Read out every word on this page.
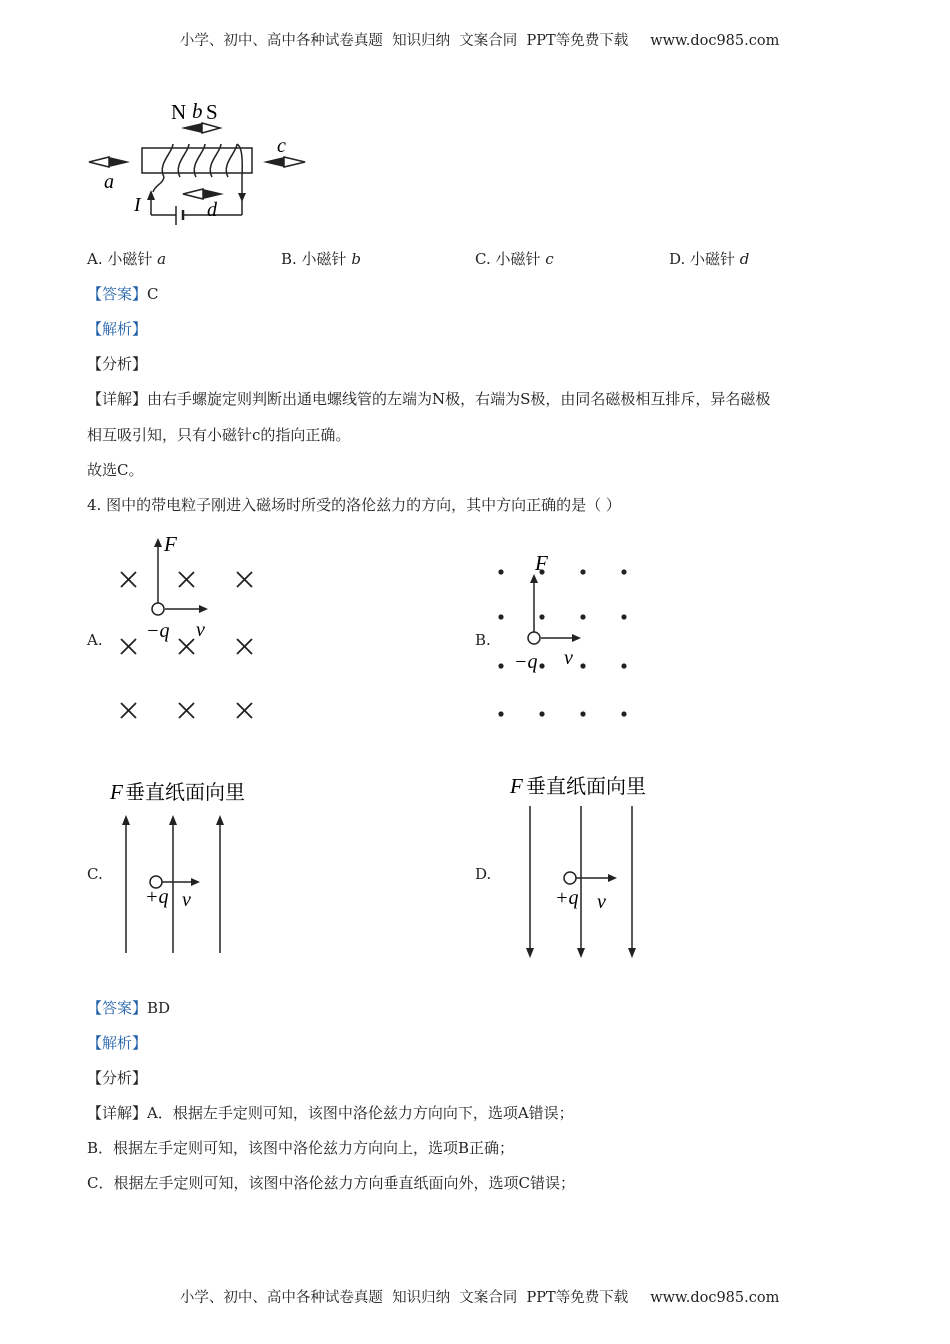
小学、初中、高中各种试卷真题  知识归纳  文案合同  PPT等免费下载 www.doc985.com

N b S
a
c
I	d
A. 小磁针 a	B. 小磁针 b	C. 小磁针 c	D. 小磁针 d
【答案】C
【解析】
【分析】
【详解】由右手螺旋定则判断出通电螺线管的左端为N极，右端为S极，由同名磁极相互排斥，异名磁极
相互吸引知，只有小磁针c的指向正确。
故选C。
4. 图中的带电粒子刚进入磁场时所受的洛伦兹力的方向，其中方向正确的是（ ）
A.
F
−q v	B.
F
−q v
C.
F 垂直纸面向里
+q v
D.
F 垂直纸面向里
+q v
【答案】BD
【解析】
【分析】
【详解】A．根据左手定则可知，该图中洛伦兹力方向向下，选项A错误；
B．根据左手定则可知，该图中洛伦兹力方向向上，选项B正确；
C．根据左手定则可知，该图中洛伦兹力方向垂直纸面向外，选项C错误；

小学、初中、高中各种试卷真题  知识归纳  文案合同  PPT等免费下载 www.doc985.com
